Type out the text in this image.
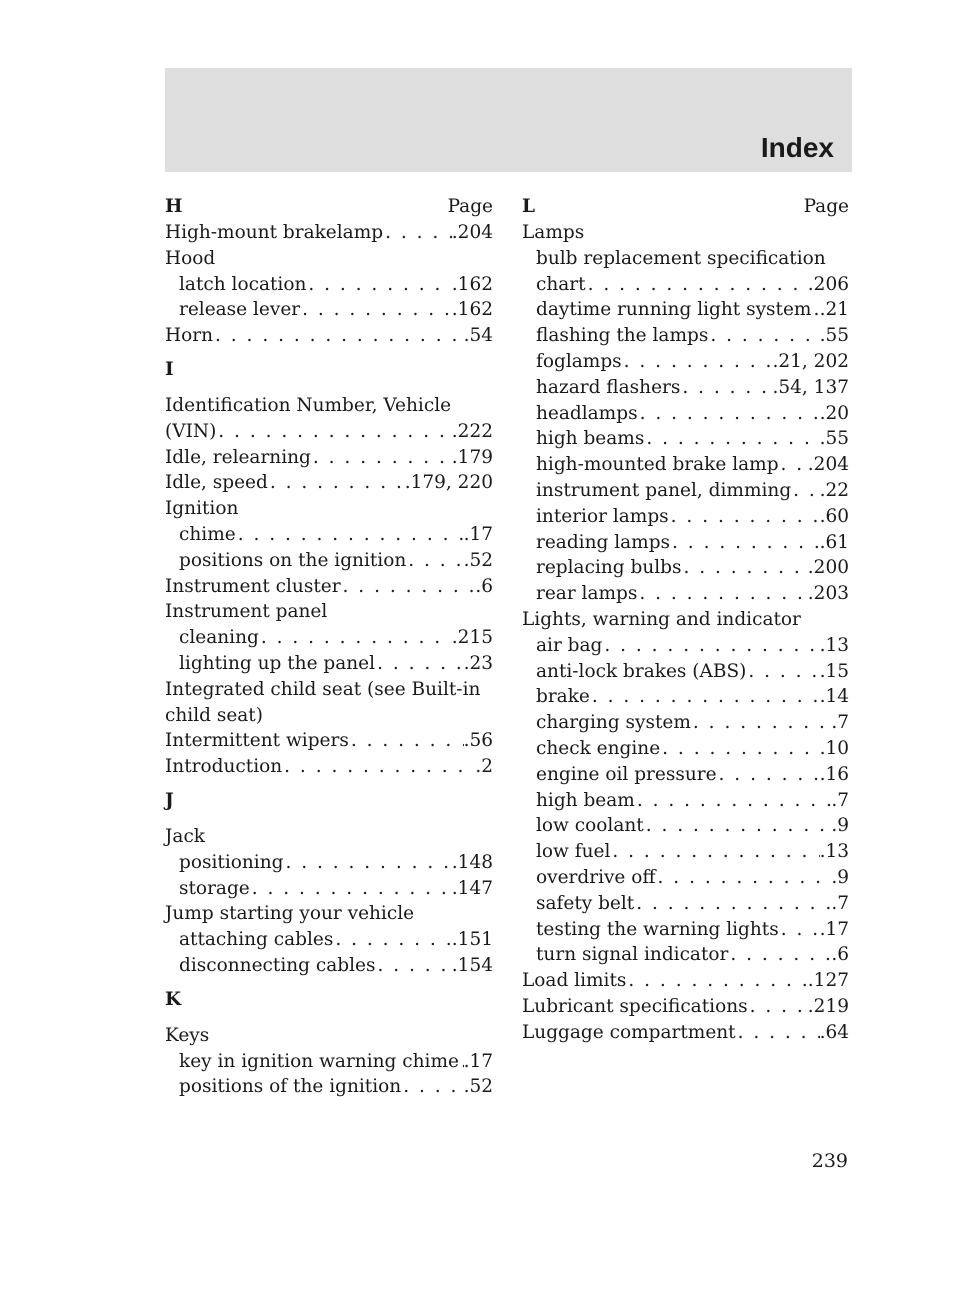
Index
H	Page
High-mount brakelamp . . .	.204
Hood
latch location . . .	.162
release lever . . .	.162
Horn . . .	.54
I
Identification Number, Vehicle
(VIN) . . .	.222
Idle, relearning . . .	.179
Idle, speed . . .	.179, 220
Ignition
chime . . .	.17
positions on the ignition . . .	.52
Instrument cluster . . .	.6
Instrument panel
cleaning . . .	.215
lighting up the panel . . .	.23
Integrated child seat (see Built-in
child seat)
Intermittent wipers . . .	.56
Introduction . . .	.2
J
Jack
positioning . . .	.148
storage . . .	.147
Jump starting your vehicle
attaching cables . . .	.151
disconnecting cables . . .	.154
K
Keys
key in ignition warning chime . . . .17
positions of the ignition . . .	.52
L	Page
Lamps
bulb replacement specification
chart . . .	.206
daytime running light system . . . .21
flashing the lamps . . .	.55
foglamps . . .	.21, 202
hazard flashers . . .	.54, 137
headlamps . . .	.20
high beams . . .	.55
high-mounted brake lamp . . . .204
instrument panel, dimming . . . .22
interior lamps . . .	.60
reading lamps . . .	.61
replacing bulbs . . .	.200
rear lamps . . .	.203
Lights, warning and indicator
air bag . . .	.13
anti-lock brakes (ABS) . . .	.15
brake . . .	.14
charging system . . .	.7
check engine . . .	.10
engine oil pressure . . .	.16
high beam . . .	.7
low coolant . . .	.9
low fuel . . .	.13
overdrive off . . .	.9
safety belt . . .	.7
testing the warning lights . . . .17
turn signal indicator . . .	.6
Load limits . . .	.127
Lubricant specifications . . .	.219
Luggage compartment . . .	.64
239
